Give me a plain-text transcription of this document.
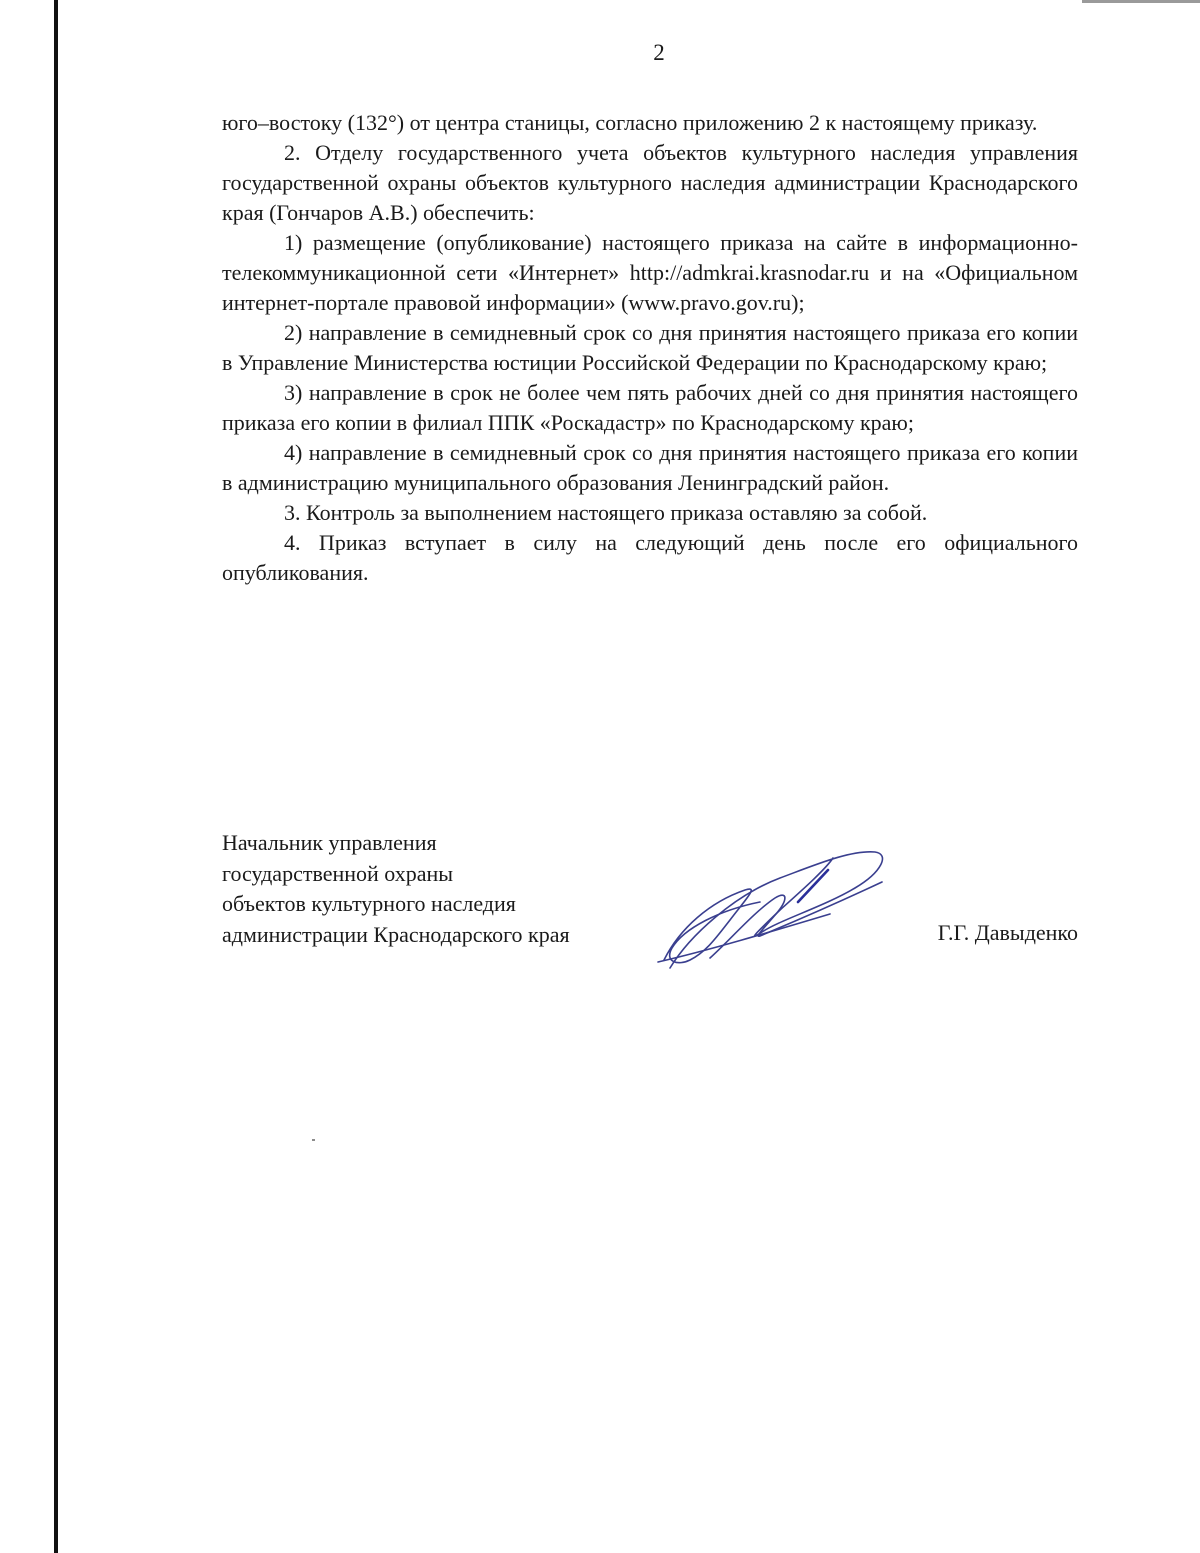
2

юго–востоку (132°) от центра станицы, согласно приложению 2 к настоящему приказу.

2. Отделу государственного учета объектов культурного наследия управления государственной охраны объектов культурного наследия администрации Краснодарского края (Гончаров А.В.) обеспечить:

1) размещение (опубликование) настоящего приказа на сайте в информационно-телекоммуникационной сети «Интернет» http://admkrai.krasnodar.ru и на «Официальном интернет-портале правовой информации» (www.pravo.gov.ru);

2) направление в семидневный срок со дня принятия настоящего приказа его копии в Управление Министерства юстиции Российской Федерации по Краснодарскому краю;

3) направление в срок не более чем пять рабочих дней со дня принятия настоящего приказа его копии в филиал ППК «Роскадастр» по Краснодарскому краю;

4) направление в семидневный срок со дня принятия настоящего приказа его копии в администрацию муниципального образования Ленинградский район.

3. Контроль за выполнением настоящего приказа оставляю за собой.

4. Приказ вступает в силу на следующий день после его официального опубликования.

Начальник управления
государственной охраны
объектов культурного наследия
администрации Краснодарского края	Г.Г. Давыденко
